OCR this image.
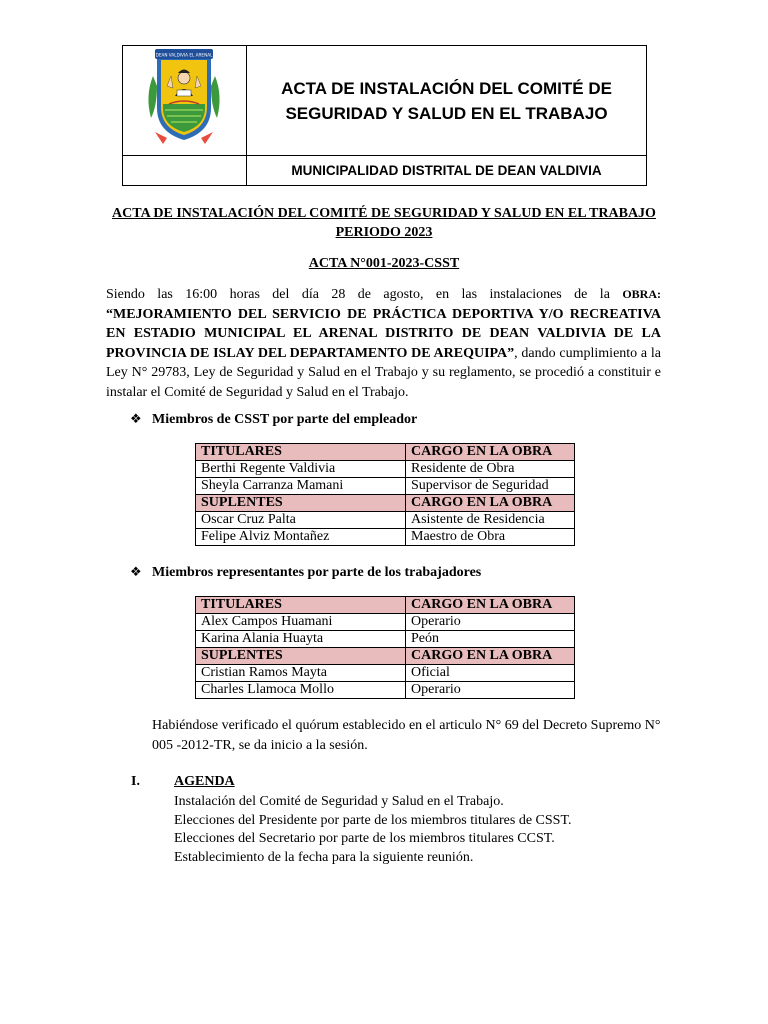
DEAN VALDIVIA EL ARENAL
ACTA DE INSTALACIÓN DEL COMITÉ DE
SEGURIDAD Y SALUD EN EL TRABAJO
MUNICIPALIDAD DISTRITAL DE DEAN VALDIVIA
ACTA DE INSTALACIÓN DEL COMITÉ DE SEGURIDAD Y SALUD EN EL TRABAJO
PERIODO 2023
ACTA N°001-2023-CSST
Siendo las 16:00 horas del día 28 de agosto, en las instalaciones de la OBRA: “MEJORAMIENTO DEL SERVICIO DE PRÁCTICA DEPORTIVA Y/O RECREATIVA EN ESTADIO MUNICIPAL EL ARENAL DISTRITO DE DEAN VALDIVIA DE LA PROVINCIA DE ISLAY DEL DEPARTAMENTO DE AREQUIPA”, dando cumplimiento a la Ley N° 29783, Ley de Seguridad y Salud en el Trabajo y su reglamento, se procedió a constituir e instalar el Comité de Seguridad y Salud en el Trabajo.
❖ Miembros de CSST por parte del empleador
TITULARES	CARGO EN LA OBRA
Berthi Regente Valdivia	Residente de Obra
Sheyla Carranza Mamani	Supervisor de Seguridad
SUPLENTES	CARGO EN LA OBRA
Oscar Cruz Palta	Asistente de Residencia
Felipe Alviz Montañez	Maestro de Obra
❖ Miembros representantes por parte de los trabajadores
TITULARES	CARGO EN LA OBRA
Alex Campos Huamani	Operario
Karina Alania Huayta	Peón
SUPLENTES	CARGO EN LA OBRA
Cristian Ramos Mayta	Oficial
Charles Llamoca Mollo	Operario
Habiéndose verificado el quórum establecido en el articulo N° 69 del Decreto Supremo N°
005 -2012-TR, se da inicio a la sesión.
I. AGENDA
Instalación del Comité de Seguridad y Salud en el Trabajo.
Elecciones del Presidente por parte de los miembros titulares de CSST.
Elecciones del Secretario por parte de los miembros titulares CCST.
Establecimiento de la fecha para la siguiente reunión.
